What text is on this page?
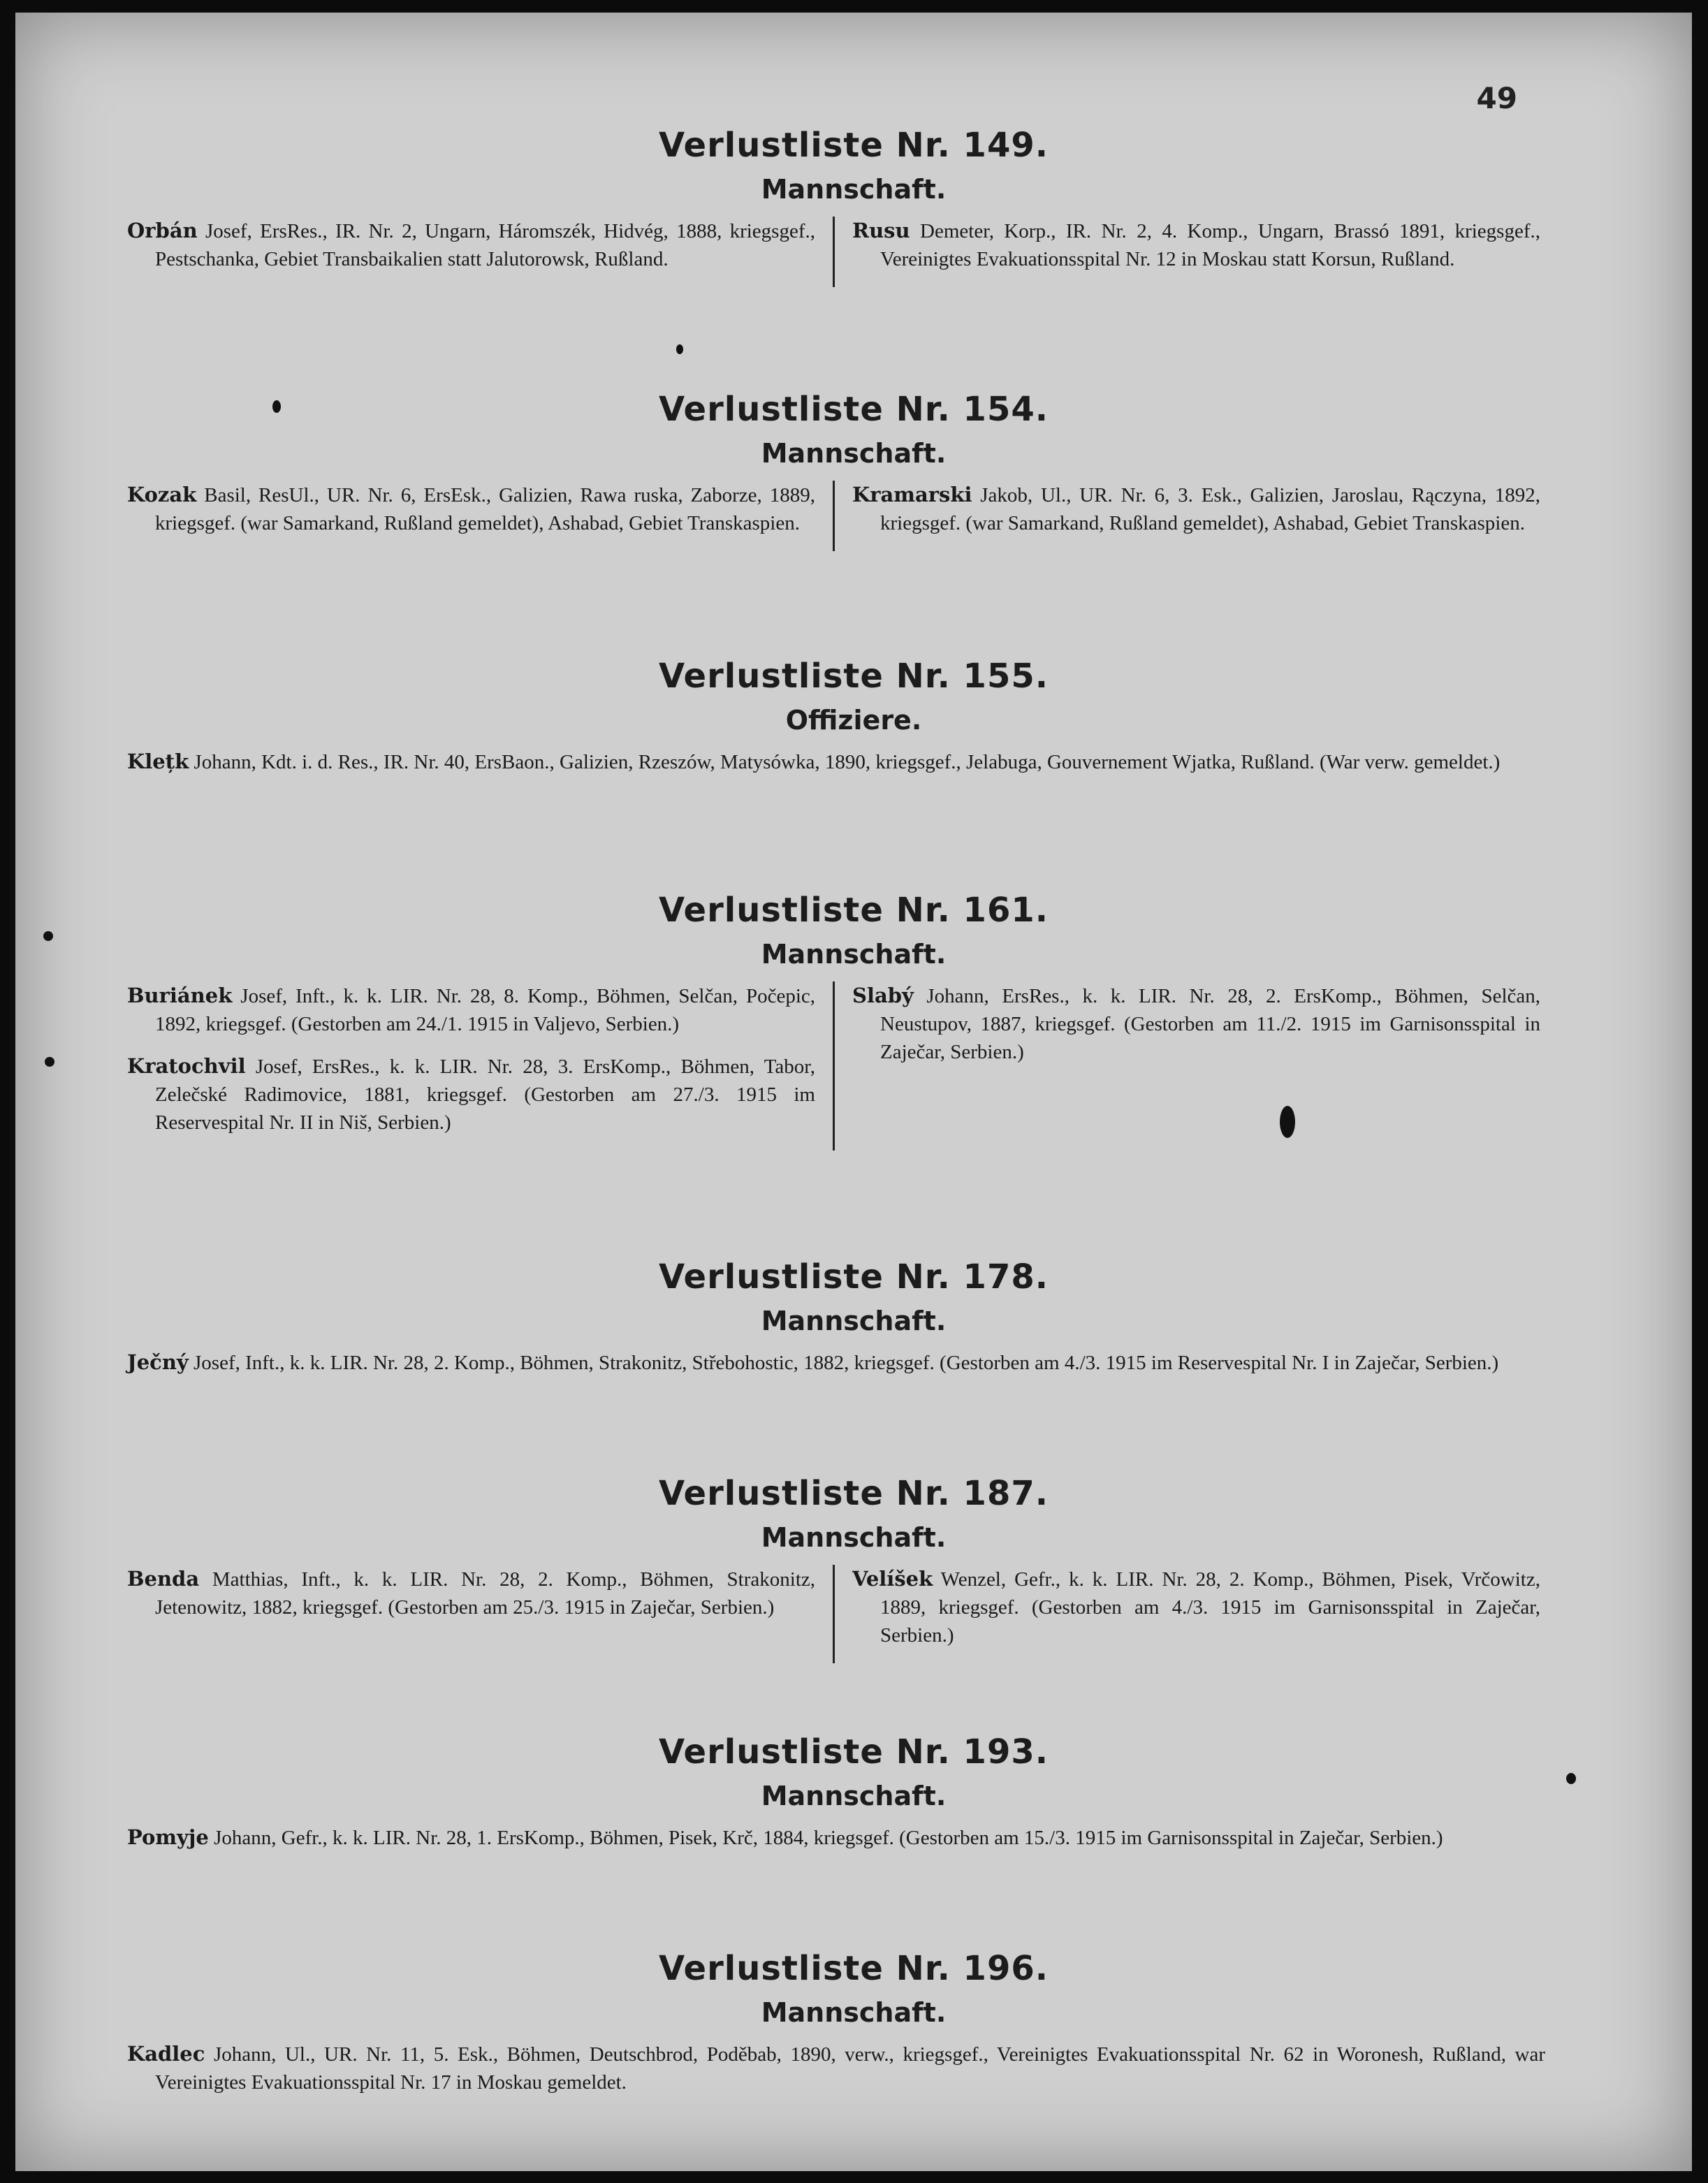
49
Verlustliste Nr. 149.
Mannschaft.

Orbán Josef, ErsRes., IR. Nr. 2, Ungarn, Háromszék, Hidvég, 1888, kriegsgef., Pestschanka, Gebiet Transbaikalien statt Jalutorowsk, Rußland.

Rusu Demeter, Korp., IR. Nr. 2, 4. Komp., Ungarn, Brassó 1891, kriegsgef., Vereinigtes Evakuationsspital Nr. 12 in Moskau statt Korsun, Rußland.

Verlustliste Nr. 154.
Mannschaft.

Kozak Basil, ResUl., UR. Nr. 6, ErsEsk., Galizien, Rawa ruska, Zaborze, 1889, kriegsgef. (war Samarkand, Rußland gemeldet), Ashabad, Gebiet Transkaspien.

Kramarski Jakob, Ul., UR. Nr. 6, 3. Esk., Galizien, Jaroslau, Rączyna, 1892, kriegsgef. (war Samarkand, Rußland gemeldet), Ashabad, Gebiet Transkaspien.

Verlustliste Nr. 155.
Offiziere.

Klețk Johann, Kdt. i. d. Res., IR. Nr. 40, ErsBaon., Galizien, Rzeszów, Matysówka, 1890, kriegsgef., Jelabuga, Gouvernement Wjatka, Rußland. (War verw. gemeldet.)

Verlustliste Nr. 161.
Mannschaft.

Buriánek Josef, Inft., k. k. LIR. Nr. 28, 8. Komp., Böhmen, Selčan, Počepic, 1892, kriegsgef. (Gestorben am 24./1. 1915 in Valjevo, Serbien.)

Kratochvil Josef, ErsRes., k. k. LIR. Nr. 28, 3. ErsKomp., Böhmen, Tabor, Zelečské Radimovice, 1881, kriegsgef. (Gestorben am 27./3. 1915 im Reservespital Nr. II in Niš, Serbien.)

Slabý Johann, ErsRes., k. k. LIR. Nr. 28, 2. ErsKomp., Böhmen, Selčan, Neustupov, 1887, kriegsgef. (Gestorben am 11./2. 1915 im Garnisonsspital in Zaječar, Serbien.)

Verlustliste Nr. 178.
Mannschaft.

Ječný Josef, Inft., k. k. LIR. Nr. 28, 2. Komp., Böhmen, Strakonitz, Střebohostic, 1882, kriegsgef. (Gestorben am 4./3. 1915 im Reservespital Nr. I in Zaječar, Serbien.)

Verlustliste Nr. 187.
Mannschaft.

Benda Matthias, Inft., k. k. LIR. Nr. 28, 2. Komp., Böhmen, Strakonitz, Jetenowitz, 1882, kriegsgef. (Gestorben am 25./3. 1915 in Zaječar, Serbien.)

Velíšek Wenzel, Gefr., k. k. LIR. Nr. 28, 2. Komp., Böhmen, Pisek, Vrčowitz, 1889, kriegsgef. (Gestorben am 4./3. 1915 im Garnisonsspital in Zaječar, Serbien.)

Verlustliste Nr. 193.
Mannschaft.

Pomyje Johann, Gefr., k. k. LIR. Nr. 28, 1. ErsKomp., Böhmen, Pisek, Krč, 1884, kriegsgef. (Gestorben am 15./3. 1915 im Garnisonsspital in Zaječar, Serbien.)

Verlustliste Nr. 196.
Mannschaft.

Kadlec Johann, Ul., UR. Nr. 11, 5. Esk., Böhmen, Deutschbrod, Poděbab, 1890, verw., kriegsgef., Vereinigtes Evakuationsspital Nr. 62 in Woronesh, Rußland, war Vereinigtes Evakuationsspital Nr. 17 in Moskau gemeldet.
